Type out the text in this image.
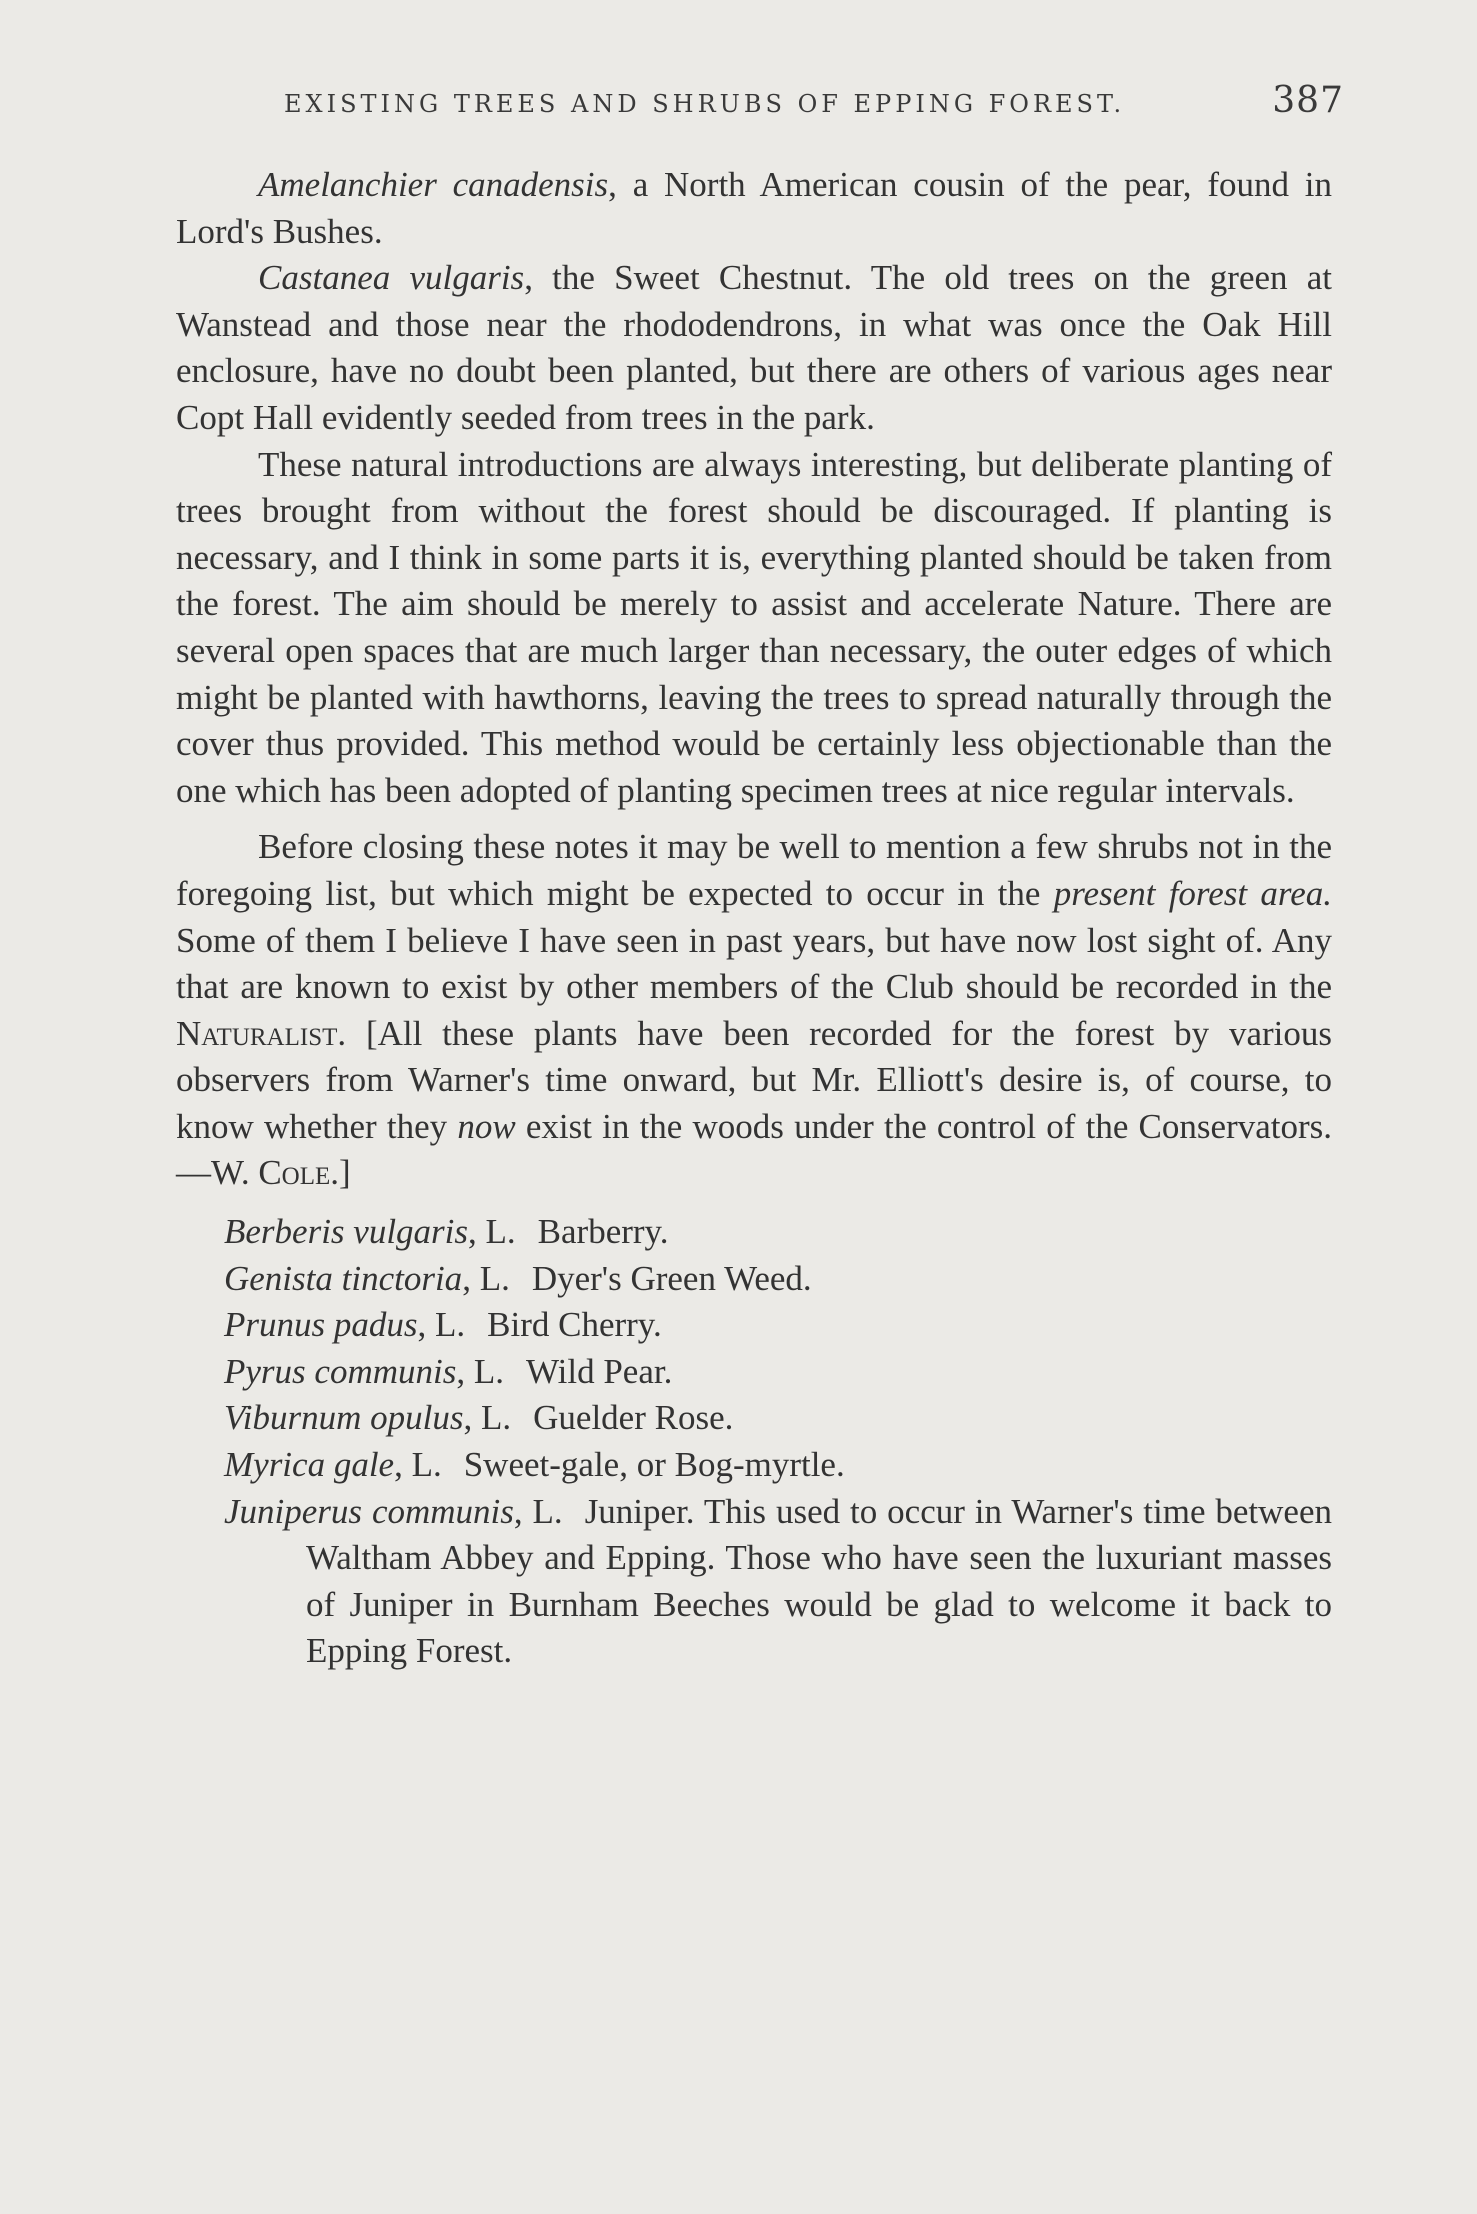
EXISTING TREES AND SHRUBS OF EPPING FOREST.	387

Amelanchier canadensis, a North American cousin of the pear, found in Lord's Bushes.

Castanea vulgaris, the Sweet Chestnut. The old trees on the green at Wanstead and those near the rhododendrons, in what was once the Oak Hill enclosure, have no doubt been planted, but there are others of various ages near Copt Hall evidently seeded from trees in the park.

These natural introductions are always interesting, but deliberate planting of trees brought from without the forest should be discouraged. If planting is necessary, and I think in some parts it is, everything planted should be taken from the forest. The aim should be merely to assist and accelerate Nature. There are several open spaces that are much larger than necessary, the outer edges of which might be planted with hawthorns, leaving the trees to spread naturally through the cover thus provided. This method would be certainly less objectionable than the one which has been adopted of planting specimen trees at nice regular intervals.

Before closing these notes it may be well to mention a few shrubs not in the foregoing list, but which might be expected to occur in the present forest area. Some of them I believe I have seen in past years, but have now lost sight of. Any that are known to exist by other members of the Club should be recorded in the Naturalist. [All these plants have been recorded for the forest by various observers from Warner's time onward, but Mr. Elliott's desire is, of course, to know whether they now exist in the woods under the control of the Conservators.—W. Cole.]

Berberis vulgaris, L. Barberry.
Genista tinctoria, L. Dyer's Green Weed.
Prunus padus, L. Bird Cherry.
Pyrus communis, L. Wild Pear.
Viburnum opulus, L. Guelder Rose.
Myrica gale, L. Sweet-gale, or Bog-myrtle.
Juniperus communis, L. Juniper. This used to occur in Warner's time between Waltham Abbey and Epping. Those who have seen the luxuriant masses of Juniper in Burnham Beeches would be glad to welcome it back to Epping Forest.
